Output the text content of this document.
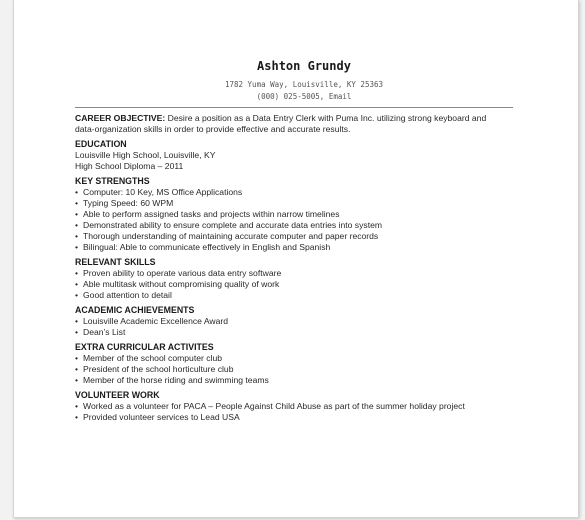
Ashton Grundy
1782 Yuma Way, Louisville, KY 25363
(000) 025-5005, Email
CAREER OBJECTIVE: Desire a position as a Data Entry Clerk with Puma Inc. utilizing strong keyboard and data-organization skills in order to provide effective and accurate results.
EDUCATION
Louisville High School, Louisville, KY
High School Diploma – 2011
KEY STRENGTHS
• Computer: 10 Key, MS Office Applications
• Typing Speed: 60 WPM
• Able to perform assigned tasks and projects within narrow timelines
• Demonstrated ability to ensure complete and accurate data entries into system
• Thorough understanding of maintaining accurate computer and paper records
• Bilingual: Able to communicate effectively in English and Spanish
RELEVANT SKILLS
• Proven ability to operate various data entry software
• Able multitask without compromising quality of work
• Good attention to detail
ACADEMIC ACHIEVEMENTS
• Louisville Academic Excellence Award
• Dean’s List
EXTRA CURRICULAR ACTIVITES
• Member of the school computer club
• President of the school horticulture club
• Member of the horse riding and swimming teams
VOLUNTEER WORK
• Worked as a volunteer for PACA – People Against Child Abuse as part of the summer holiday project
• Provided volunteer services to Lead USA
